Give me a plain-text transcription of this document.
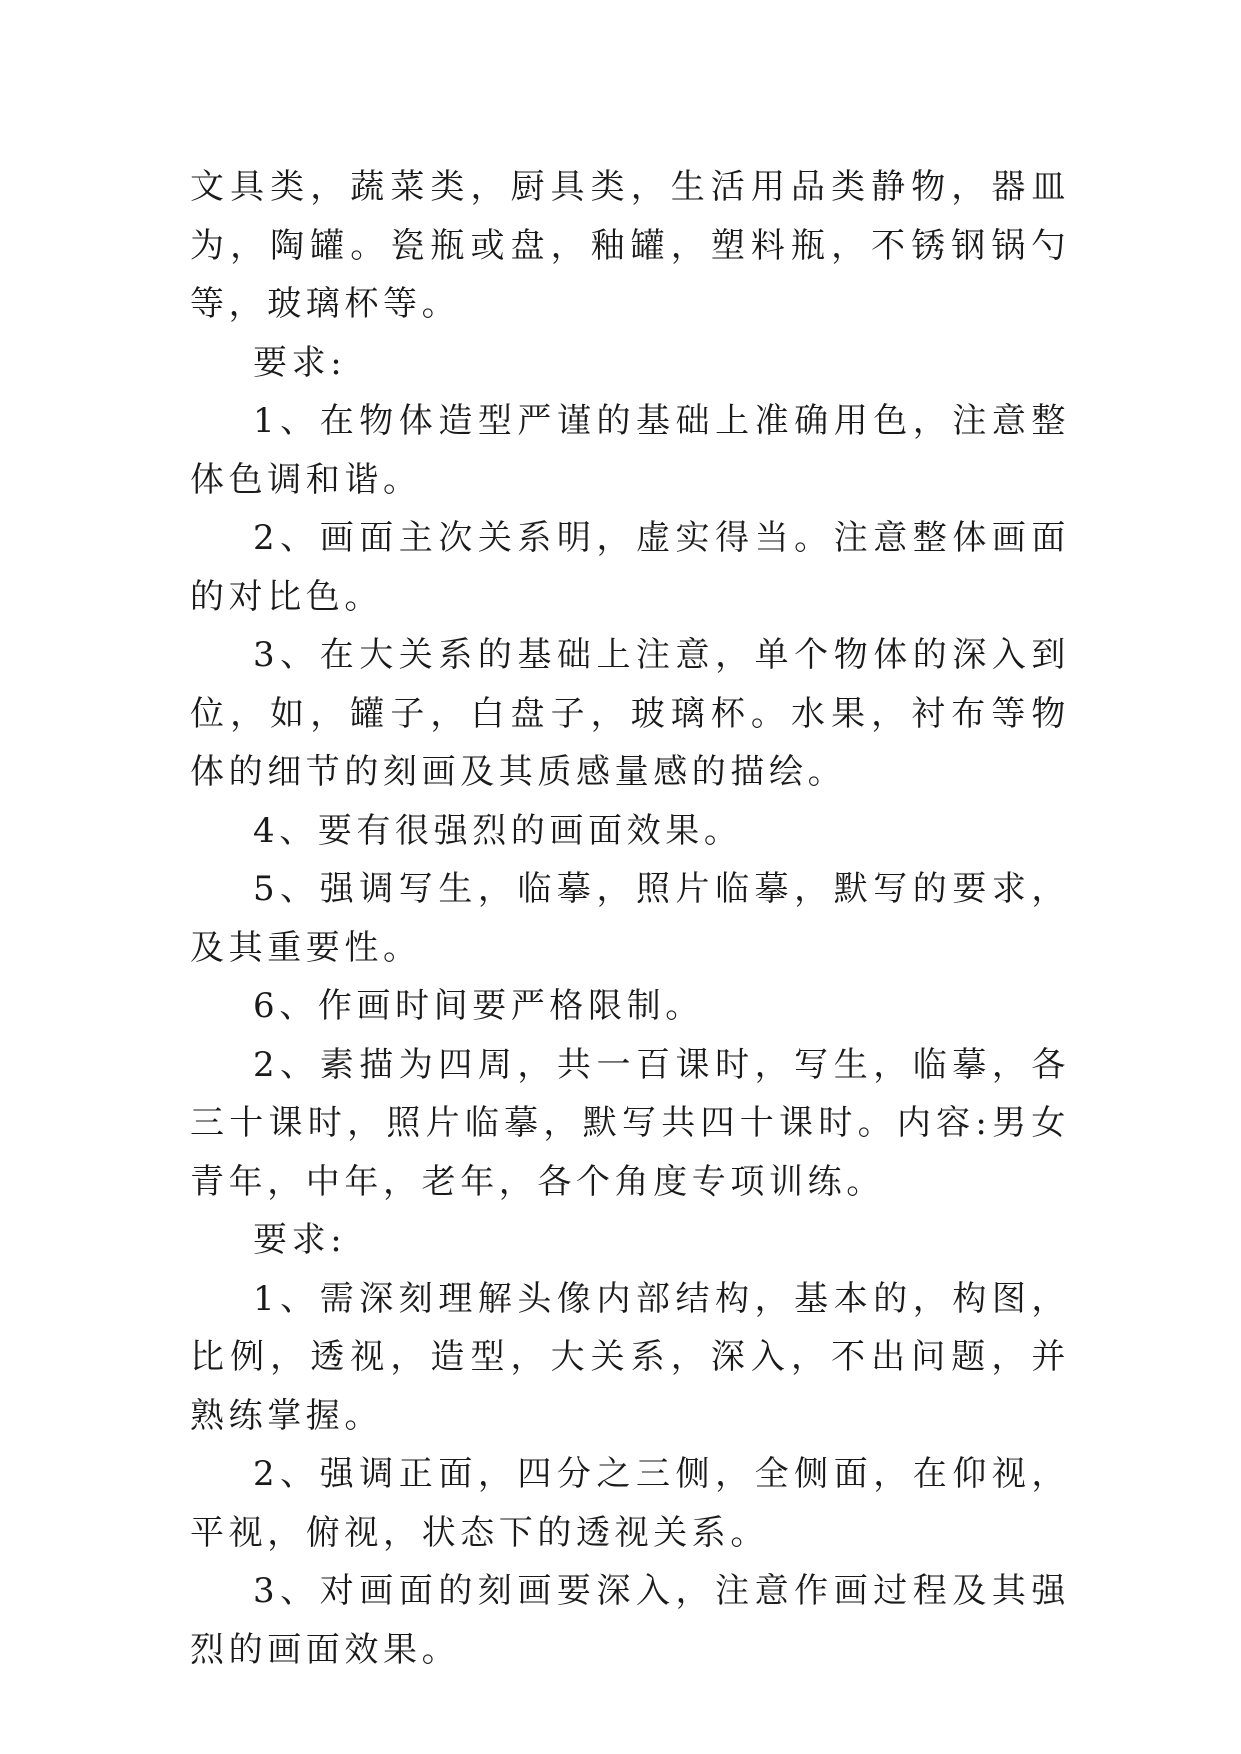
文具类，蔬菜类，厨具类，生活用品类静物，器皿为，陶罐。瓷瓶或盘，釉罐，塑料瓶，不锈钢锅勺等，玻璃杯等。

要求:

1、在物体造型严谨的基础上准确用色，注意整体色调和谐。

2、画面主次关系明，虚实得当。注意整体画面的对比色。

3、在大关系的基础上注意，单个物体的深入到位，如，罐子，白盘子，玻璃杯。水果，衬布等物体的细节的刻画及其质感量感的描绘。

4、要有很强烈的画面效果。

5、强调写生，临摹，照片临摹，默写的要求，及其重要性。

6、作画时间要严格限制。

2、素描为四周，共一百课时，写生，临摹，各三十课时，照片临摹，默写共四十课时。内容:男女青年，中年，老年，各个角度专项训练。

要求:

1、需深刻理解头像内部结构，基本的，构图，比例，透视，造型，大关系，深入，不出问题，并熟练掌握。

2、强调正面，四分之三侧，全侧面，在仰视，平视，俯视，状态下的透视关系。

3、对画面的刻画要深入，注意作画过程及其强烈的画面效果。
